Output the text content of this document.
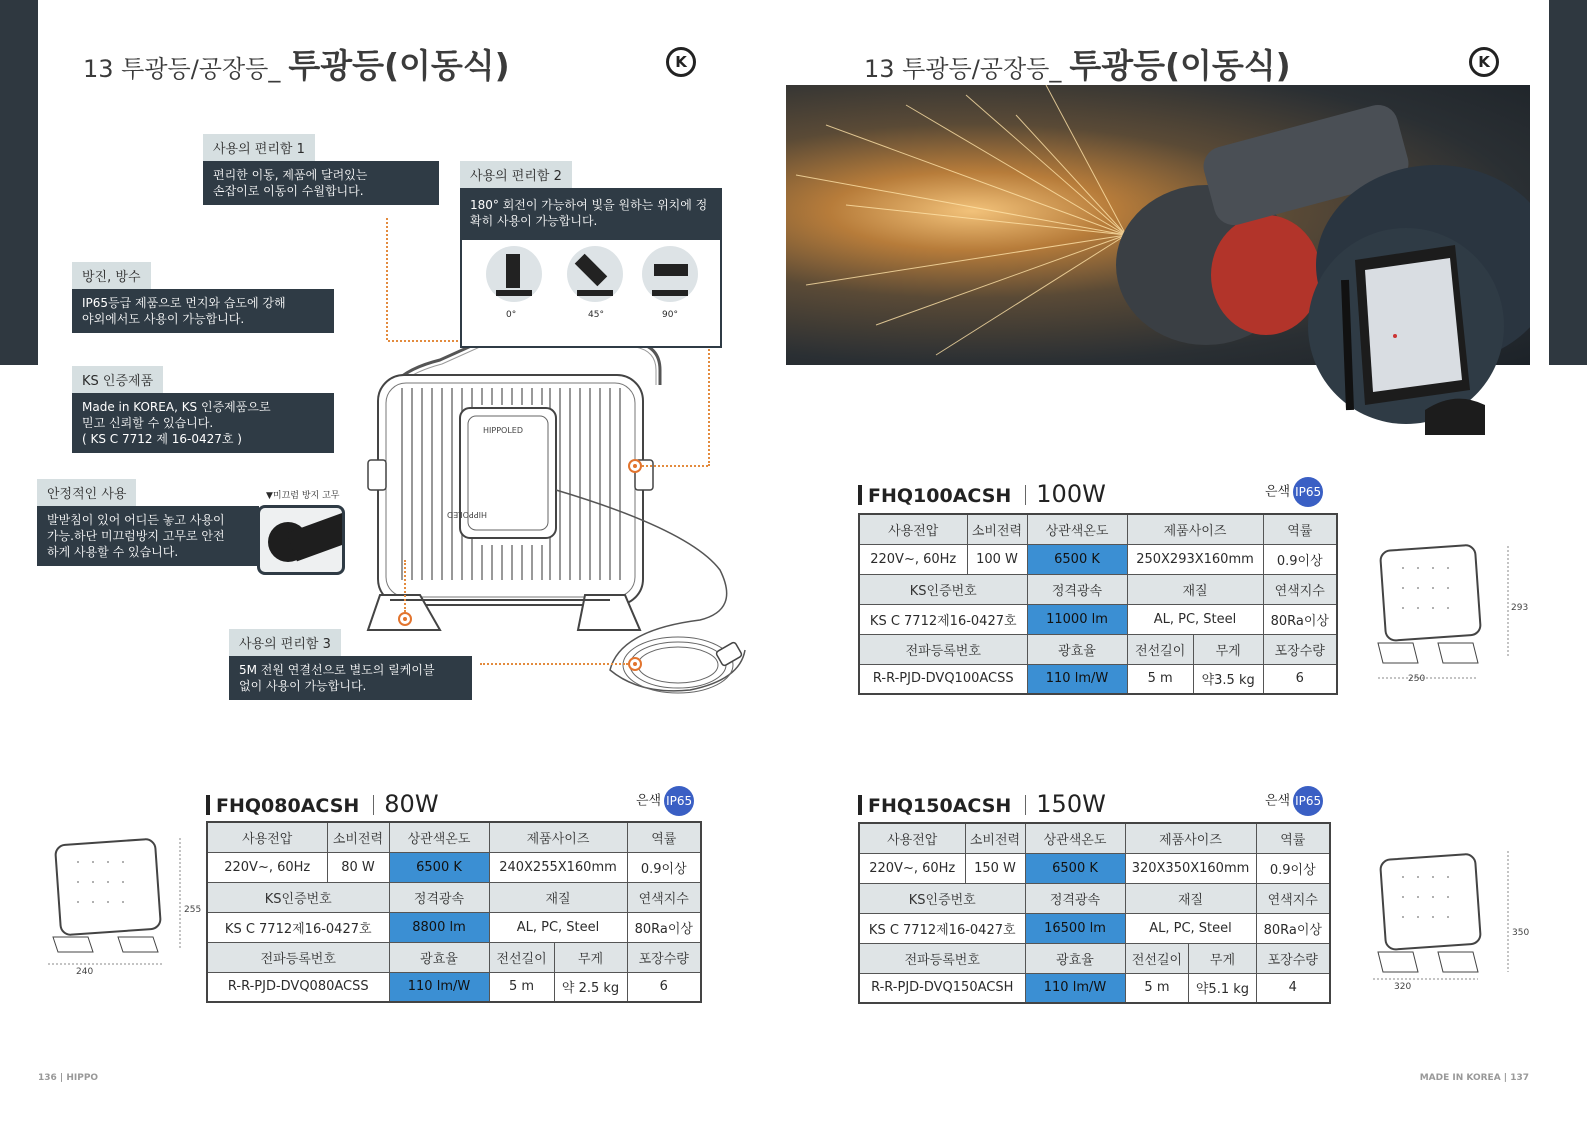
13 투광등/공장등_ 투광등(이동식)	K	13 투광등/공장등_ 투광등(이동식)	K
HIPPOLED
HIPPOLED
사용의 편리함 1
편리한 이동, 제품에 달려있는
손잡이로 이동이 수월합니다.
사용의 편리함 2
180° 회전이 가능하여 빛을 원하는 위치에 정
확히 사용이 가능합니다.
0°	45°	90°
방진, 방수
IP65등급 제품으로 먼지와 습도에 강해
야외에서도 사용이 가능합니다.
KS 인증제품
Made in KOREA, KS 인증제품으로
믿고 신뢰할 수 있습니다.
( KS C 7712 제 16-0427호 )
안정적인 사용
발받침이 있어 어디든 놓고 사용이
가능.하단 미끄럼방지 고무로 안전
하게 사용할 수 있습니다.
▼미끄럼 방지 고무
사용의 편리함 3
5M 전원 연결선으로 별도의 릴케이블
없이 사용이 가능합니다.
FHQ100ACSH 100W	은색 IP65
사용전압	소비전력	상관색온도	제품사이즈		역률
220V~, 60Hz	100 W	6500 K	250X293X160mm		0.9이상
KS인증번호		정격광속	재질		연색지수
KS C 7712제16-0427호		11000 lm	AL, PC, Steel		80Ra이상
전파등록번호		광효율	전선길이	무게	포장수량
R-R-PJD-DVQ100ACSS		110 lm/W	5 m	약3.5 kg	6
293
250
FHQ080ACSH 80W	은색 IP65
사용전압	소비전력	상관색온도	제품사이즈		역률
220V~, 60Hz	80 W	6500 K	240X255X160mm		0.9이상
KS인증번호		정격광속	재질		연색지수
KS C 7712제16-0427호		8800 lm	AL, PC, Steel		80Ra이상
전파등록번호		광효율	전선길이	무게	포장수량
R-R-PJD-DVQ080ACSS		110 lm/W	5 m	약 2.5 kg	6
255
240
FHQ150ACSH 150W	은색 IP65
사용전압	소비전력	상관색온도	제품사이즈		역률
220V~, 60Hz	150 W	6500 K	320X350X160mm		0.9이상
KS인증번호		정격광속	재질		연색지수
KS C 7712제16-0427호		16500 lm	AL, PC, Steel		80Ra이상
전파등록번호		광효율	전선길이	무게	포장수량
R-R-PJD-DVQ150ACSH		110 lm/W	5 m	약5.1 kg	4
350
320
136 | HIPPO	MADE IN KOREA | 137
